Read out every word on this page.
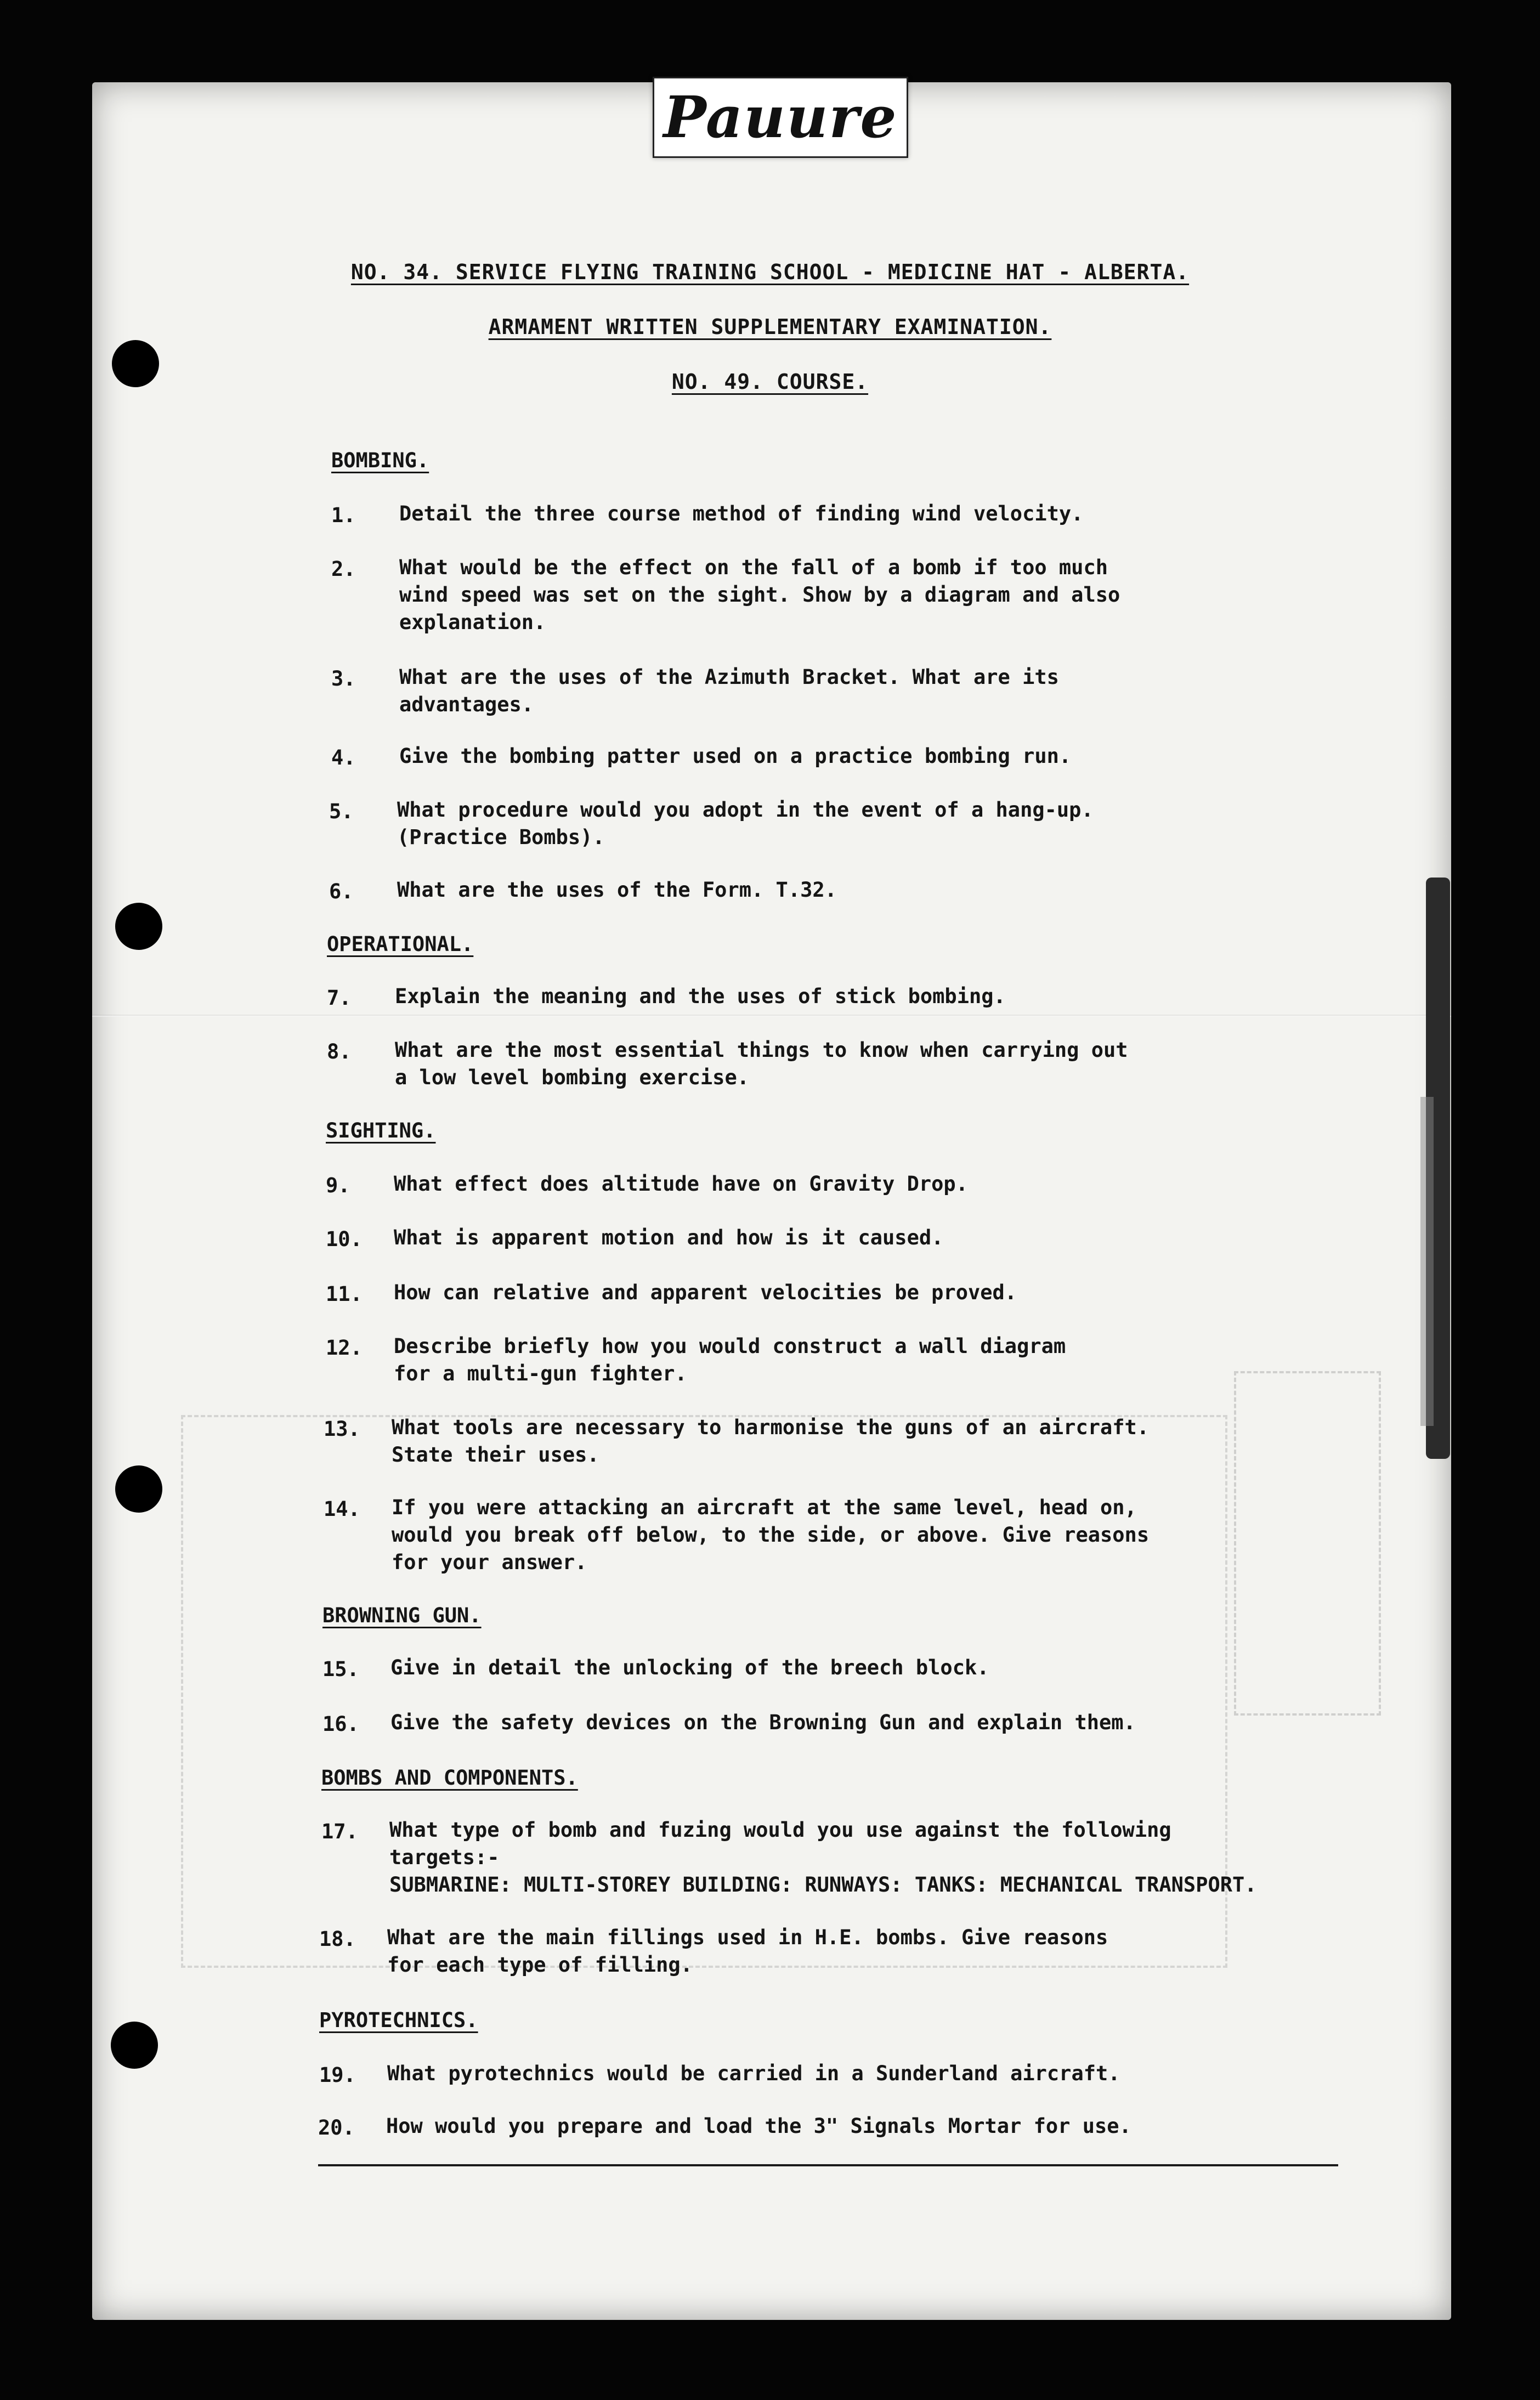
Pauure
NO. 34. SERVICE FLYING TRAINING SCHOOL - MEDICINE HAT - ALBERTA.
ARMAMENT WRITTEN SUPPLEMENTARY EXAMINATION.
NO. 49. COURSE.
BOMBING.
1. Detail the three course method of finding wind velocity.
2. What would be the effect on the fall of a bomb if too much
wind speed was set on the sight. Show by a diagram and also
explanation.
3. What are the uses of the Azimuth Bracket. What are its
advantages.
4. Give the bombing patter used on a practice bombing run.
5. What procedure would you adopt in the event of a hang-up.
(Practice Bombs).
6. What are the uses of the Form. T.32.
OPERATIONAL.
7. Explain the meaning and the uses of stick bombing.
8. What are the most essential things to know when carrying out
a low level bombing exercise.
SIGHTING.
9. What effect does altitude have on Gravity Drop.
10. What is apparent motion and how is it caused.
11. How can relative and apparent velocities be proved.
12. Describe briefly how you would construct a wall diagram
for a multi-gun fighter.
13. What tools are necessary to harmonise the guns of an aircraft.
State their uses.
14. If you were attacking an aircraft at the same level, head on,
would you break off below, to the side, or above. Give reasons
for your answer.
BROWNING GUN.
15. Give in detail the unlocking of the breech block.
16. Give the safety devices on the Browning Gun and explain them.
BOMBS AND COMPONENTS.
17. What type of bomb and fuzing would you use against the following
targets:-
SUBMARINE: MULTI-STOREY BUILDING: RUNWAYS: TANKS: MECHANICAL TRANSPORT.
18. What are the main fillings used in H.E. bombs. Give reasons
for each type of filling.
PYROTECHNICS.
19. What pyrotechnics would be carried in a Sunderland aircraft.
20. How would you prepare and load the 3" Signals Mortar for use.
